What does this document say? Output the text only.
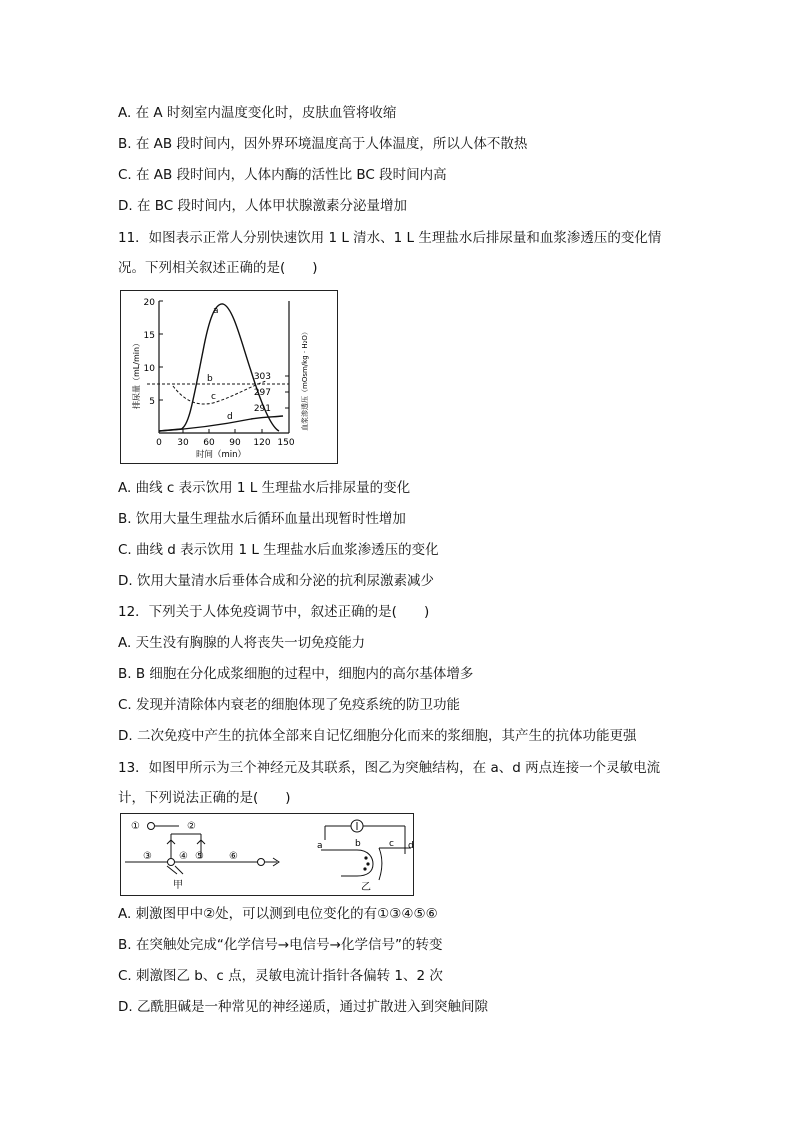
A. 在 A 时刻室内温度变化时，皮肤血管将收缩
B. 在 AB 段时间内，因外界环境温度高于人体温度，所以人体不散热
C. 在 AB 段时间内，人体内酶的活性比 BC 段时间内高
D. 在 BC 段时间内，人体甲状腺激素分泌量增加
11．如图表示正常人分别快速饮用 1 L 清水、1 L 生理盐水后排尿量和血浆渗透压的变化情况。下列相关叙述正确的是(　　)
20
15
10
5
303
297
291
0 30 60 90 120 150
a
b
c
d
排尿量（mL/min）	血浆渗透压（mOsm/kg · H₂O）
时间（min）
A. 曲线 c 表示饮用 1 L 生理盐水后排尿量的变化
B. 饮用大量生理盐水后循环血量出现暂时性增加
C. 曲线 d 表示饮用 1 L 生理盐水后血浆渗透压的变化
D. 饮用大量清水后垂体合成和分泌的抗利尿激素减少
12．下列关于人体免疫调节中，叙述正确的是(　　)
A. 天生没有胸腺的人将丧失一切免疫能力
B. B 细胞在分化成浆细胞的过程中，细胞内的高尔基体增多
C. 发现并清除体内衰老的细胞体现了免疫系统的防卫功能
D. 二次免疫中产生的抗体全部来自记忆细胞分化而来的浆细胞，其产生的抗体功能更强
13．如图甲所示为三个神经元及其联系，图乙为突触结构，在 a、d 两点连接一个灵敏电流计，下列说法正确的是(　　)
①	②
③	④ ⑤	⑥
甲
a	b	c d
乙
A. 刺激图甲中②处，可以测到电位变化的有①③④⑤⑥
B. 在突触处完成“化学信号→电信号→化学信号”的转变
C. 刺激图乙 b、c 点，灵敏电流计指针各偏转 1、2 次
D. 乙酰胆碱是一种常见的神经递质，通过扩散进入到突触间隙
